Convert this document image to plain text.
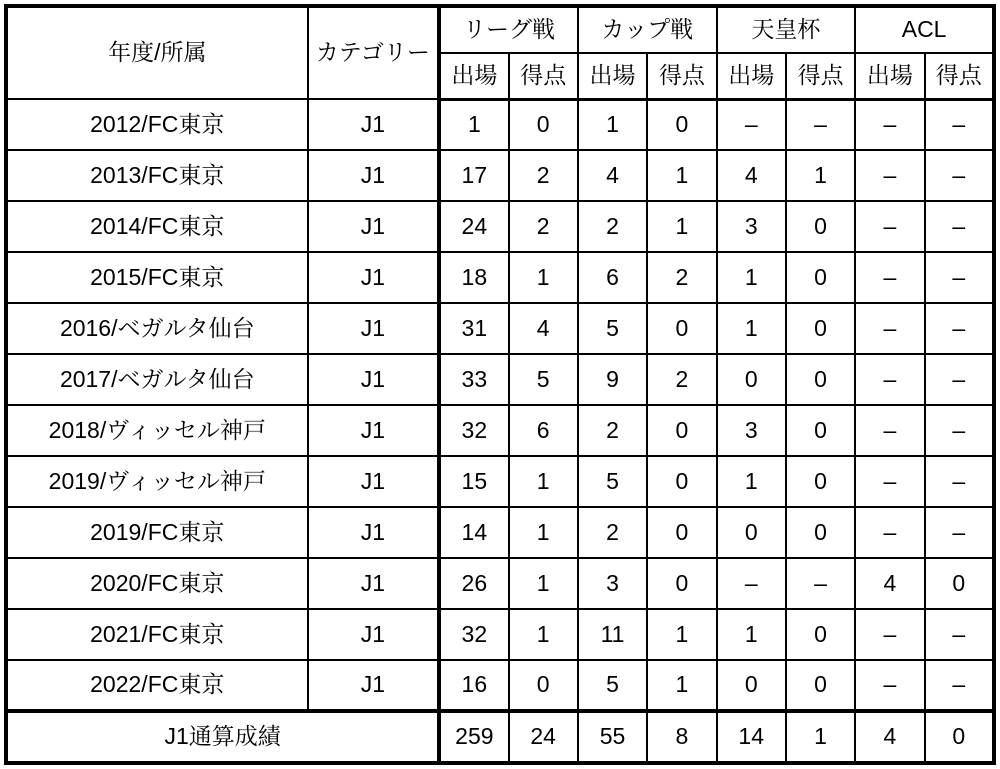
年度/所属	カテゴリー	リーグ戦		カップ戦		天皇杯		ACL	
		出場	得点	出場	得点	出場	得点	出場	得点
2012/FC東京	J1	1	0	1	0	–	–	–	–
2013/FC東京	J1	17	2	4	1	4	1	–	–
2014/FC東京	J1	24	2	2	1	3	0	–	–
2015/FC東京	J1	18	1	6	2	1	0	–	–
2016/ベガルタ仙台	J1	31	4	5	0	1	0	–	–
2017/ベガルタ仙台	J1	33	5	9	2	0	0	–	–
2018/ヴィッセル神戸	J1	32	6	2	0	3	0	–	–
2019/ヴィッセル神戸	J1	15	1	5	0	1	0	–	–
2019/FC東京	J1	14	1	2	0	0	0	–	–
2020/FC東京	J1	26	1	3	0	–	–	4	0
2021/FC東京	J1	32	1	11	1	1	0	–	–
2022/FC東京	J1	16	0	5	1	0	0	–	–
J1通算成績		259	24	55	8	14	1	4	0
